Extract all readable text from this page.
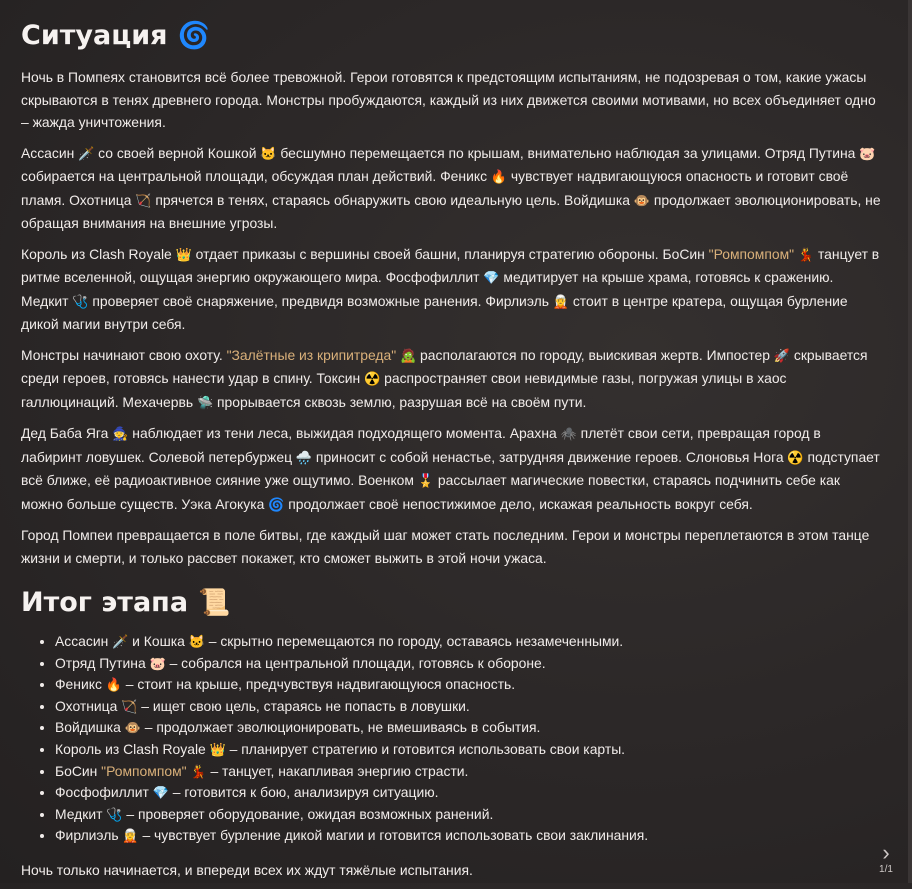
Ситуация 🌀

Ночь в Помпеях становится всё более тревожной. Герои готовятся к предстоящим испытаниям, не подозревая о том, какие ужасы скрываются в тенях древнего города. Монстры пробуждаются, каждый из них движется своими мотивами, но всех объединяет одно – жажда уничтожения.

Ассасин 🗡️ со своей верной Кошкой 🐱 бесшумно перемещается по крышам, внимательно наблюдая за улицами. Отряд Путина 🐷 собирается на центральной площади, обсуждая план действий. Феникс 🔥 чувствует надвигающуюся опасность и готовит своё пламя. Охотница 🏹 прячется в тенях, стараясь обнаружить свою идеальную цель. Войдишка 🐵 продолжает эволюционировать, не обращая внимания на внешние угрозы.

Король из Clash Royale 👑 отдает приказы с вершины своей башни, планируя стратегию обороны. БоСин "Ромпомпом" 💃 танцует в ритме вселенной, ощущая энергию окружающего мира. Фосфофиллит 💎 медитирует на крыше храма, готовясь к сражению. Медкит 🩺 проверяет своё снаряжение, предвидя возможные ранения. Фирлиэль 🧝 стоит в центре кратера, ощущая бурление дикой магии внутри себя.

Монстры начинают свою охоту. "Залётные из крипитреда" 🧟 располагаются по городу, выискивая жертв. Импостер 🚀 скрывается среди героев, готовясь нанести удар в спину. Токсин ☢️ распространяет свои невидимые газы, погружая улицы в хаос галлюцинаций. Мехачервь 🛸 прорывается сквозь землю, разрушая всё на своём пути.

Дед Баба Яга 🧙 наблюдает из тени леса, выжидая подходящего момента. Арахна 🕷️ плетёт свои сети, превращая город в лабиринт ловушек. Солевой петербуржец 🌧️ приносит с собой ненастье, затрудняя движение героев. Слоновья Нога ☢️ подступает всё ближе, её радиоактивное сияние уже ощутимо. Военком 🎖️ рассылает магические повестки, стараясь подчинить себе как можно больше существ. Уэка Агокука 🌀 продолжает своё непостижимое дело, искажая реальность вокруг себя.

Город Помпеи превращается в поле битвы, где каждый шаг может стать последним. Герои и монстры переплетаются в этом танце жизни и смерти, и только рассвет покажет, кто сможет выжить в этой ночи ужаса.

Итог этапа 📜
• Ассасин 🗡️ и Кошка 🐱 – скрытно перемещаются по городу, оставаясь незамеченными.
• Отряд Путина 🐷 – собрался на центральной площади, готовясь к обороне.
• Феникс 🔥 – стоит на крыше, предчувствуя надвигающуюся опасность.
• Охотница 🏹 – ищет свою цель, стараясь не попасть в ловушки.
• Войдишка 🐵 – продолжает эволюционировать, не вмешиваясь в события.
• Король из Clash Royale 👑 – планирует стратегию и готовится использовать свои карты.
• БоСин "Ромпомпом" 💃 – танцует, накапливая энергию страсти.
• Фосфофиллит 💎 – готовится к бою, анализируя ситуацию.
• Медкит 🩺 – проверяет оборудование, ожидая возможных ранений.
• Фирлиэль 🧝 – чувствует бурление дикой магии и готовится использовать свои заклинания.

Ночь только начинается, и впереди всех их ждут тяжёлые испытания.

›
1/1
